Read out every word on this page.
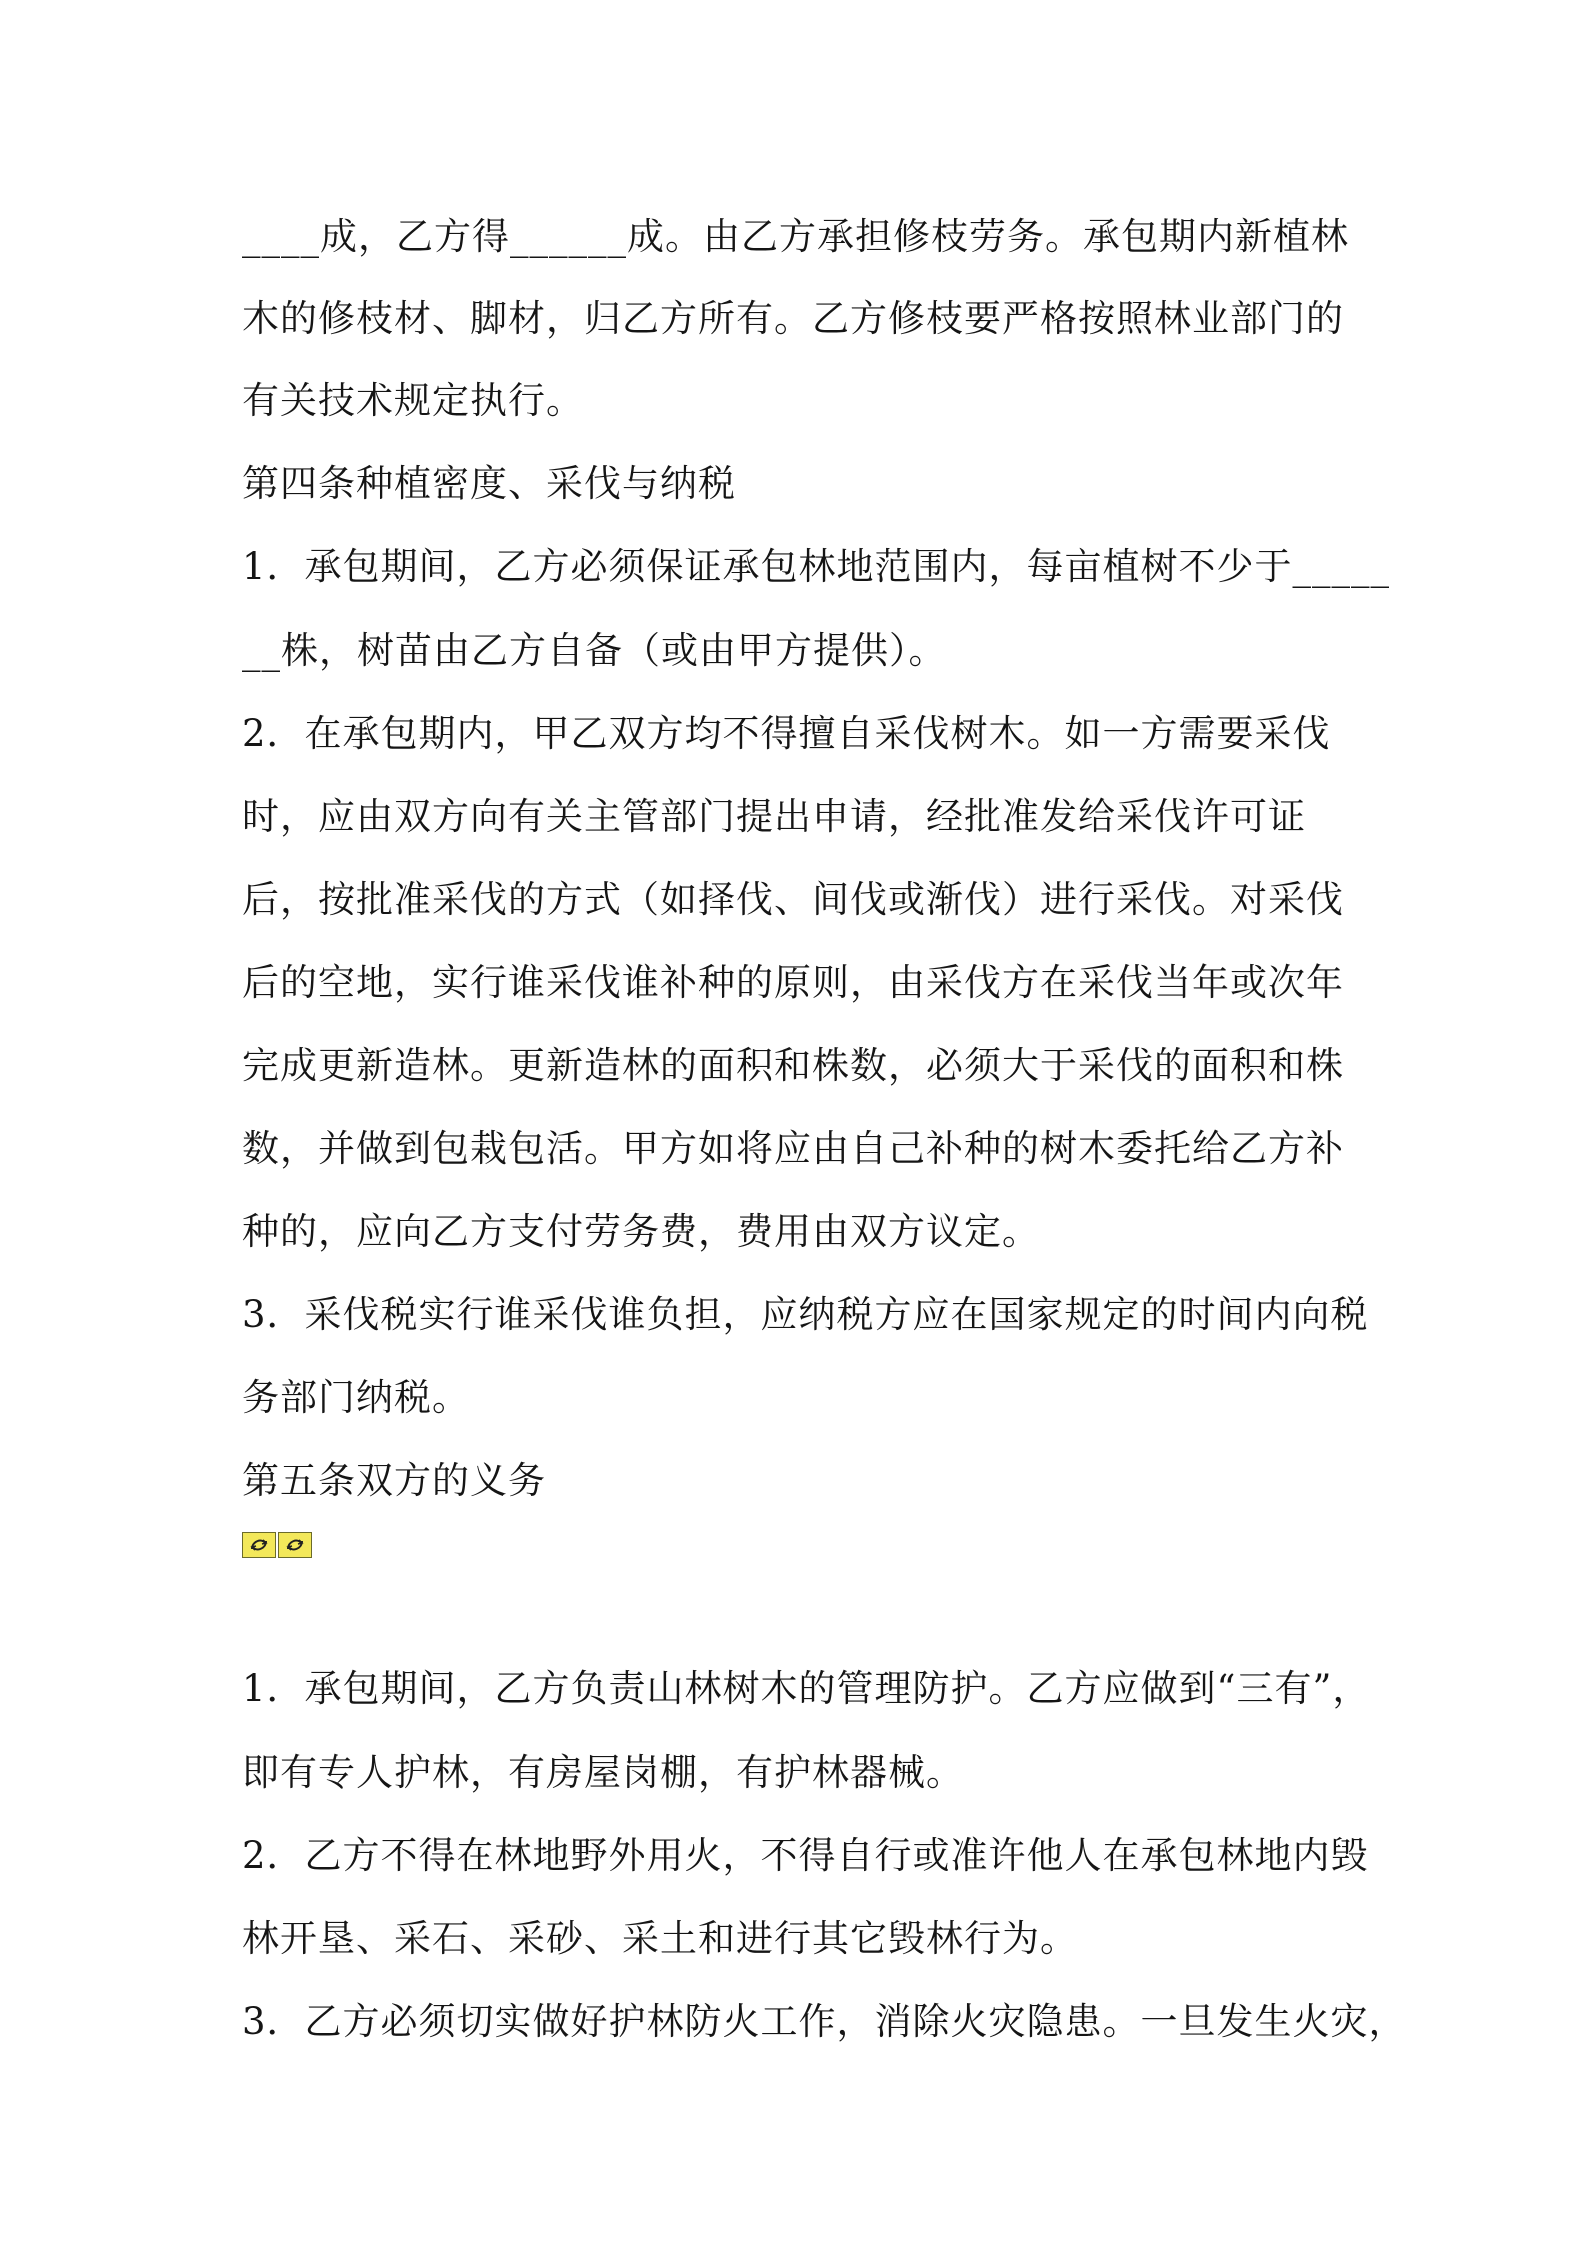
____成，乙方得______成。由乙方承担修枝劳务。承包期内新植林
木的修枝材、脚材，归乙方所有。乙方修枝要严格按照林业部门的
有关技术规定执行。
第四条种植密度、采伐与纳税
1．承包期间，乙方必须保证承包林地范围内，每亩植树不少于_____
__株，树苗由乙方自备（或由甲方提供）。
2．在承包期内，甲乙双方均不得擅自采伐树木。如一方需要采伐
时，应由双方向有关主管部门提出申请，经批准发给采伐许可证
后，按批准采伐的方式（如择伐、间伐或渐伐）进行采伐。对采伐
后的空地，实行谁采伐谁补种的原则，由采伐方在采伐当年或次年
完成更新造林。更新造林的面积和株数，必须大于采伐的面积和株
数，并做到包栽包活。甲方如将应由自己补种的树木委托给乙方补
种的，应向乙方支付劳务费，费用由双方议定。
3．采伐税实行谁采伐谁负担，应纳税方应在国家规定的时间内向税
务部门纳税。
第五条双方的义务
1．承包期间，乙方负责山林树木的管理防护。乙方应做到“三有”，
即有专人护林，有房屋岗棚，有护林器械。
2．乙方不得在林地野外用火，不得自行或准许他人在承包林地内毁
林开垦、采石、采砂、采土和进行其它毁林行为。
3．乙方必须切实做好护林防火工作，消除火灾隐患。一旦发生火灾，
